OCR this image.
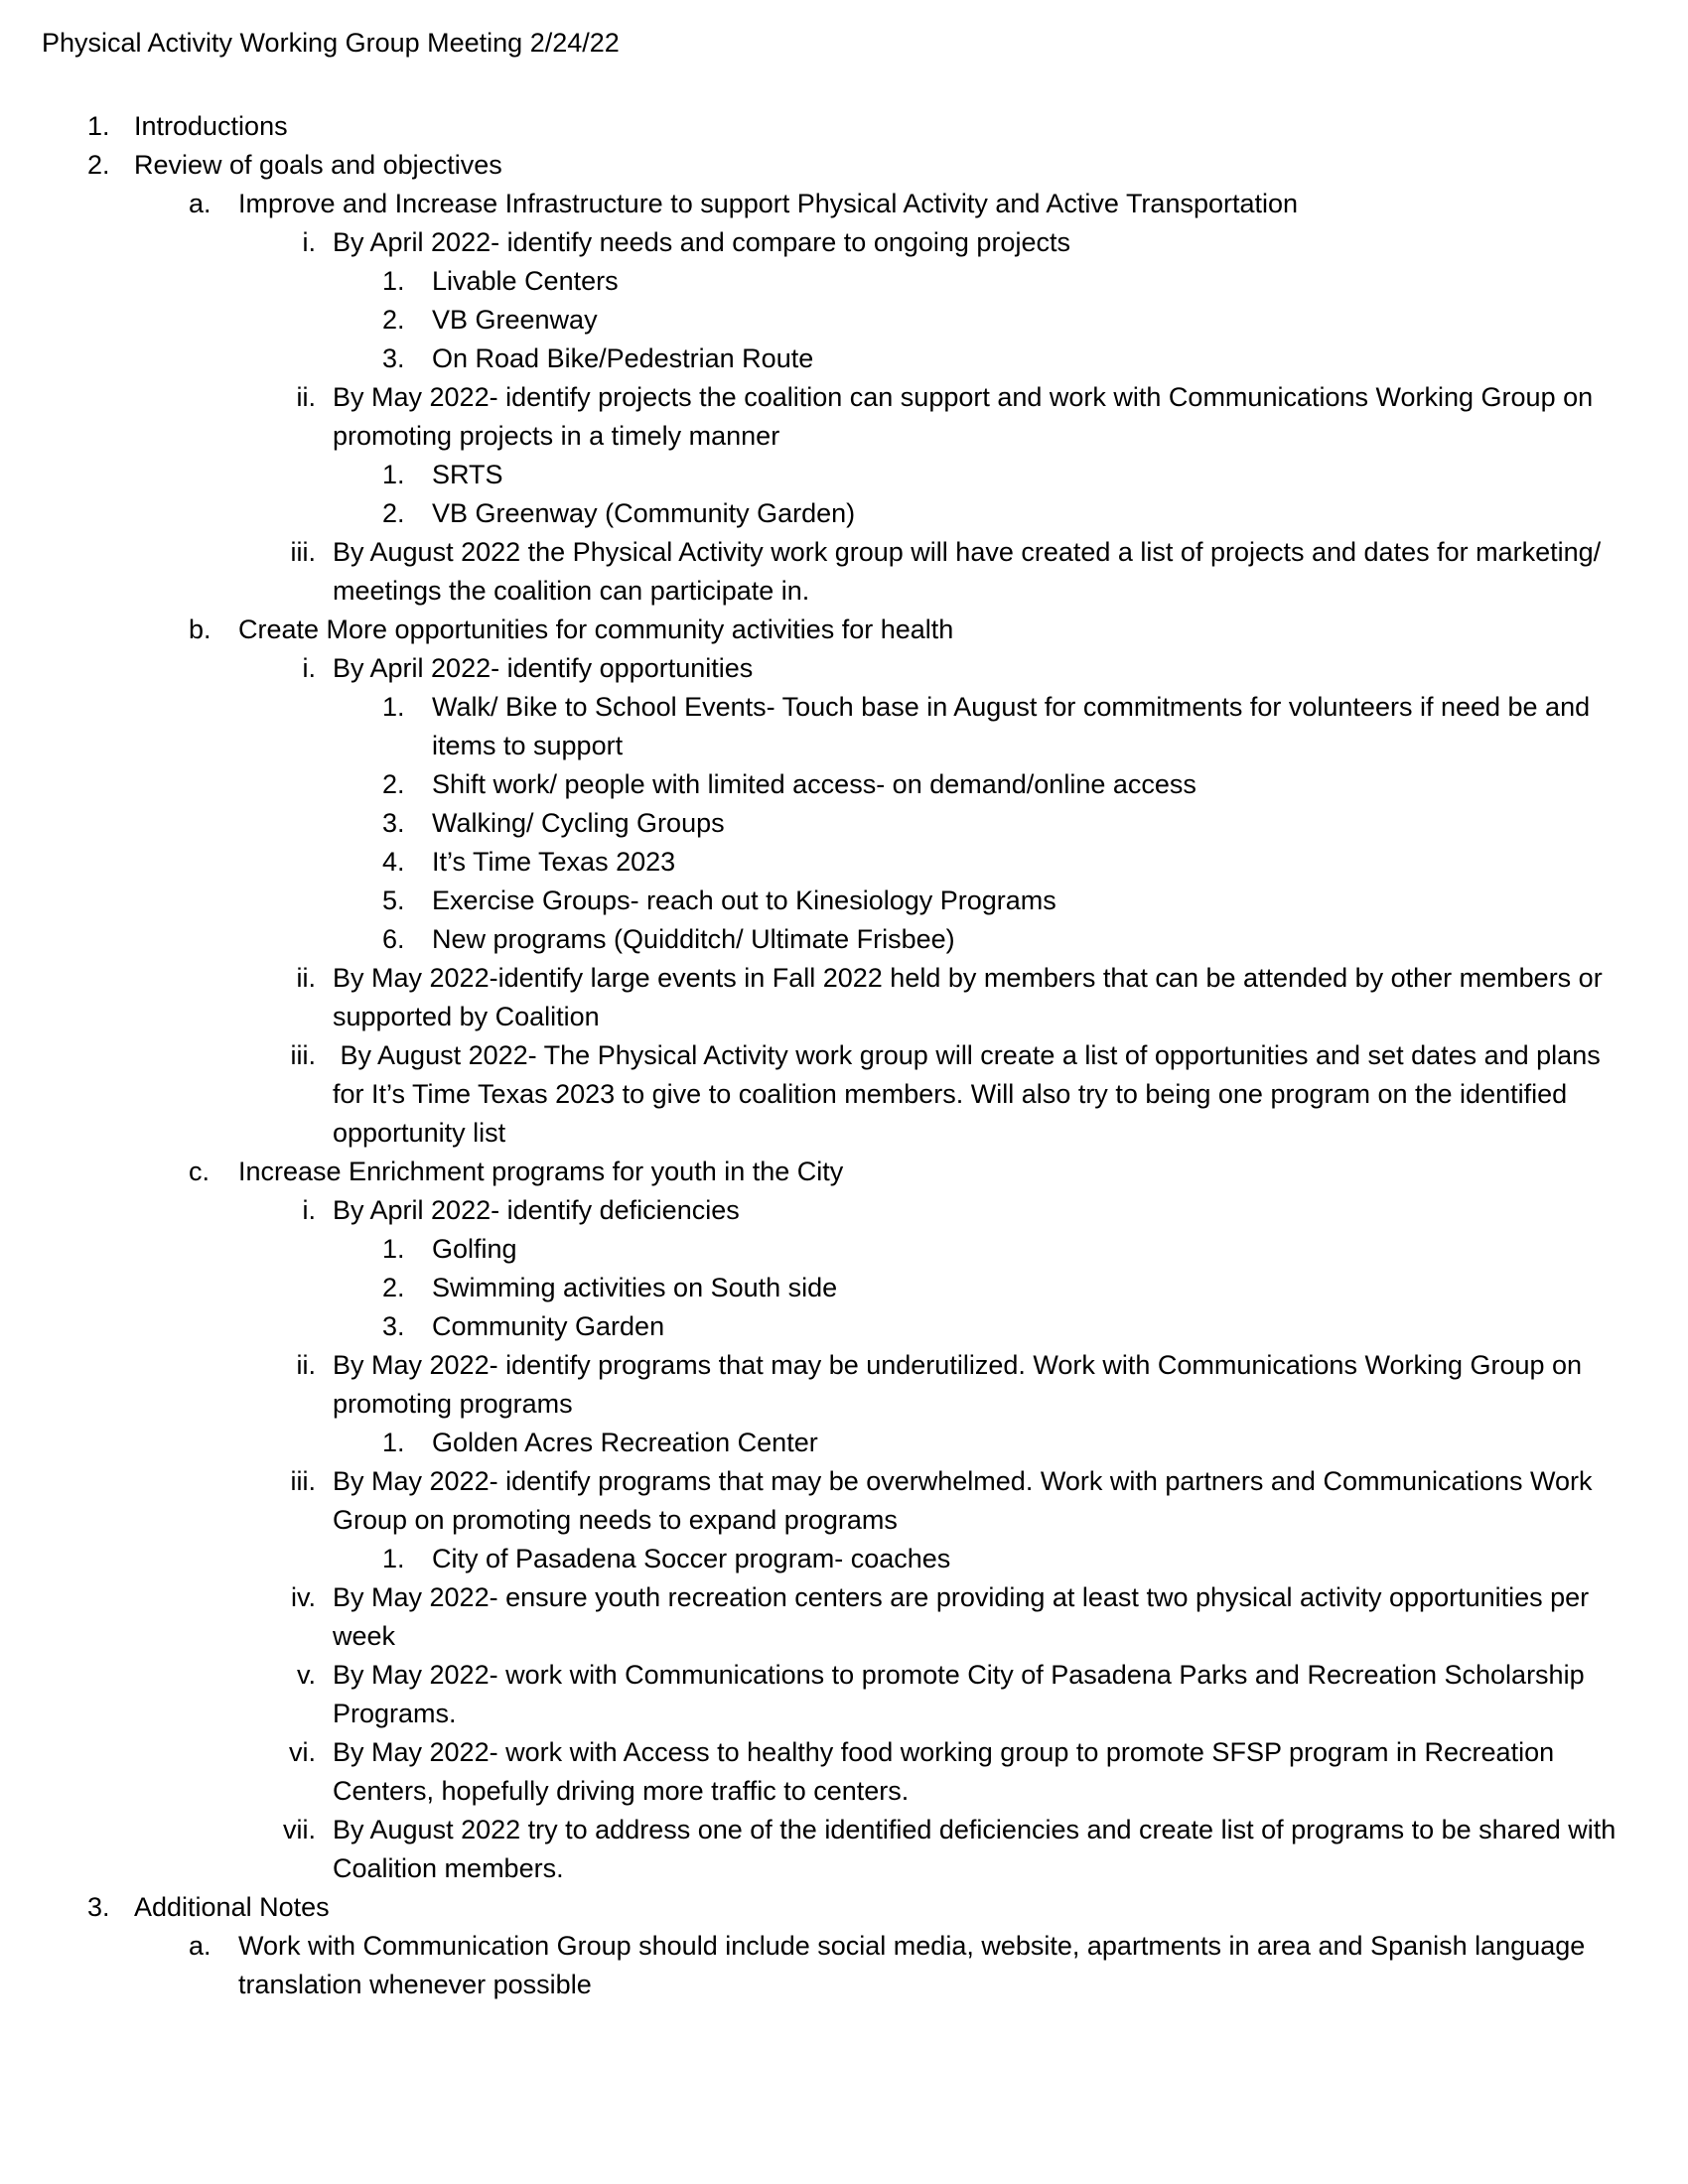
Physical Activity Working Group Meeting 2/24/22
1. Introductions
2. Review of goals and objectives
a. Improve and Increase Infrastructure to support Physical Activity and Active Transportation
i. By April 2022- identify needs and compare to ongoing projects
1. Livable Centers
2. VB Greenway
3. On Road Bike/Pedestrian Route
ii. By May 2022- identify projects the coalition can support and work with Communications Working Group on promoting projects in a timely manner
1. SRTS
2. VB Greenway (Community Garden)
iii. By August 2022 the Physical Activity work group will have created a list of projects and dates for marketing/ meetings the coalition can participate in.
b. Create More opportunities for community activities for health
i. By April 2022- identify opportunities
1. Walk/ Bike to School Events- Touch base in August for commitments for volunteers if need be and items to support
2. Shift work/ people with limited access- on demand/online access
3. Walking/ Cycling Groups
4. It’s Time Texas 2023
5. Exercise Groups- reach out to Kinesiology Programs
6. New programs (Quidditch/ Ultimate Frisbee)
ii. By May 2022-identify large events in Fall 2022 held by members that can be attended by other members or supported by Coalition
iii. By August 2022- The Physical Activity work group will create a list of opportunities and set dates and plans for It’s Time Texas 2023 to give to coalition members. Will also try to being one program on the identified opportunity list
c. Increase Enrichment programs for youth in the City
i. By April 2022- identify deficiencies
1. Golfing
2. Swimming activities on South side
3. Community Garden
ii. By May 2022- identify programs that may be underutilized. Work with Communications Working Group on promoting programs
1. Golden Acres Recreation Center
iii. By May 2022- identify programs that may be overwhelmed. Work with partners and Communications Work Group on promoting needs to expand programs
1. City of Pasadena Soccer program- coaches
iv. By May 2022- ensure youth recreation centers are providing at least two physical activity opportunities per week
v. By May 2022- work with Communications to promote City of Pasadena Parks and Recreation Scholarship Programs.
vi. By May 2022- work with Access to healthy food working group to promote SFSP program in Recreation Centers, hopefully driving more traffic to centers.
vii. By August 2022 try to address one of the identified deficiencies and create list of programs to be shared with Coalition members.
3. Additional Notes
a. Work with Communication Group should include social media, website, apartments in area and Spanish language translation whenever possible
